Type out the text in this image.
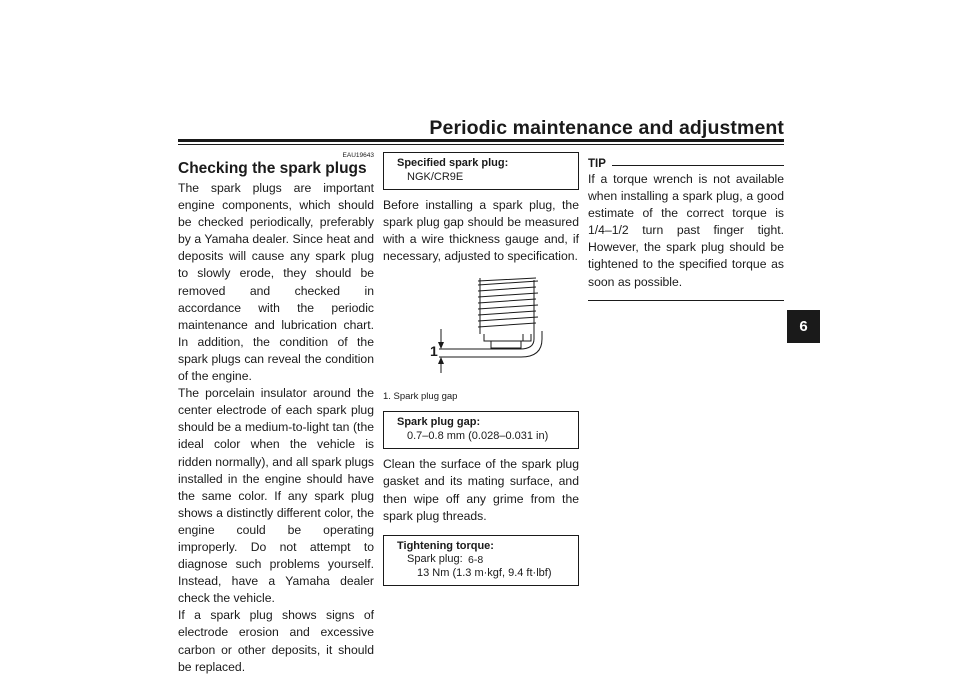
Periodic maintenance and adjustment
6
EAU19643
Checking the spark plugs

The spark plugs are important engine components, which should be checked periodically, preferably by a Yamaha dealer. Since heat and deposits will cause any spark plug to slowly erode, they should be removed and checked in accordance with the periodic maintenance and lubrication chart. In addition, the condition of the spark plugs can reveal the condition of the engine.

The porcelain insulator around the center electrode of each spark plug should be a medium-to-light tan (the ideal color when the vehicle is ridden normally), and all spark plugs installed in the engine should have the same color. If any spark plug shows a distinctly different color, the engine could be operating improperly. Do not attempt to diagnose such problems yourself. Instead, have a Yamaha dealer check the vehicle.

If a spark plug shows signs of electrode erosion and excessive carbon or other deposits, it should be replaced.

Specified spark plug:
NGK/CR9E

Before installing a spark plug, the spark plug gap should be measured with a wire thickness gauge and, if necessary, adjusted to specification.

1
1. Spark plug gap
Spark plug gap:
0.7–0.8 mm (0.028–0.031 in)

Clean the surface of the spark plug gasket and its mating surface, and then wipe off any grime from the spark plug threads.

Tightening torque:
Spark plug:
13 Nm (1.3 m·kgf, 9.4 ft·lbf)
TIP

If a torque wrench is not available when installing a spark plug, a good estimate of the correct torque is 1/4–1/2 turn past finger tight. However, the spark plug should be tightened to the specified torque as soon as possible.

6-8
